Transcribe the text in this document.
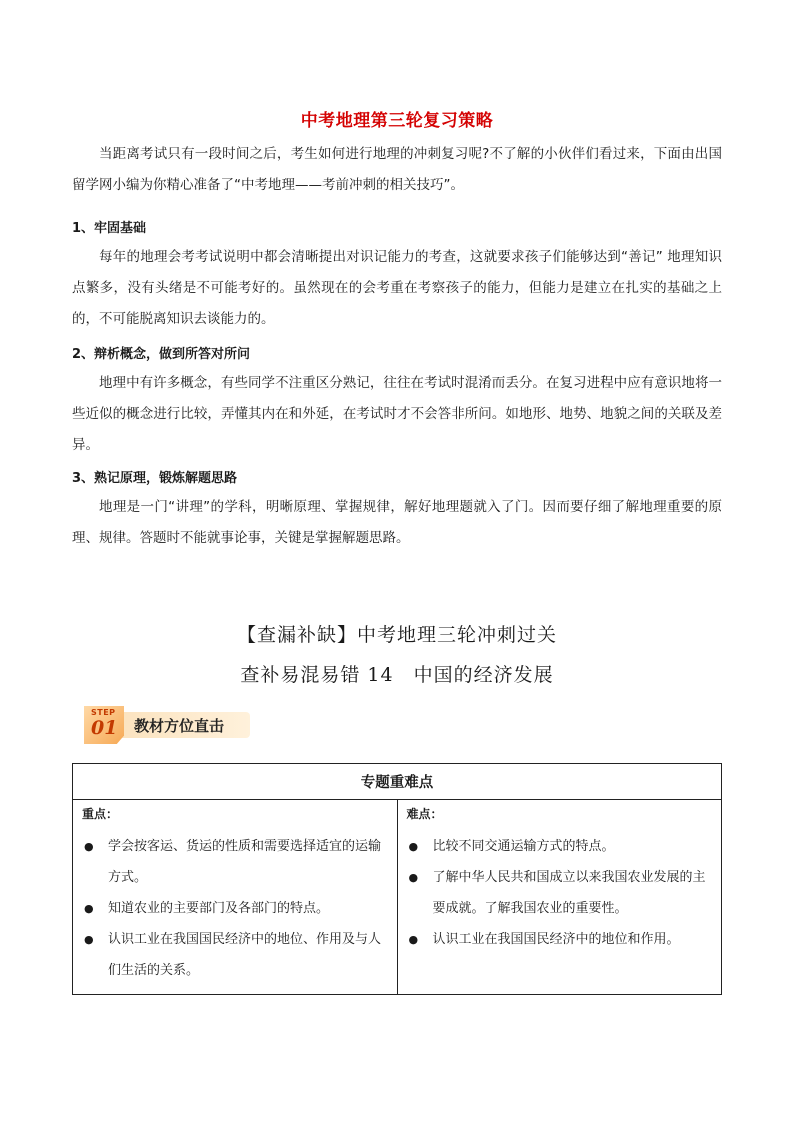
中考地理第三轮复习策略
当距离考试只有一段时间之后，考生如何进行地理的冲刺复习呢?不了解的小伙伴们看过来，下面由出国留学网小编为你精心准备了“中考地理——考前冲刺的相关技巧”。
1、牢固基础
每年的地理会考考试说明中都会清晰提出对识记能力的考查，这就要求孩子们能够达到“善记” 地理知识点繁多，没有头绪是不可能考好的。虽然现在的会考重在考察孩子的能力，但能力是建立在扎实的基础之上的，不可能脱离知识去谈能力的。
2、辩析概念，做到所答对所问
地理中有许多概念，有些同学不注重区分熟记，往往在考试时混淆而丢分。在复习进程中应有意识地将一些近似的概念进行比较，弄懂其内在和外延，在考试时才不会答非所问。如地形、地势、地貌之间的关联及差异。
3、熟记原理，锻炼解题思路
地理是一门“讲理”的学科，明晰原理、掌握规律，解好地理题就入了门。因而要仔细了解地理重要的原理、规律。答题时不能就事论事，关键是掌握解题思路。
【查漏补缺】中考地理三轮冲刺过关
查补易混易错 14　中国的经济发展
教材方位直击
STEP
01
专题重难点

重点：
● 学会按客运、货运的性质和需要选择适宜的运输方式。
● 知道农业的主要部门及各部门的特点。
● 认识工业在我国国民经济中的地位、作用及与人们生活的关系。

难点：
● 比较不同交通运输方式的特点。
● 了解中华人民共和国成立以来我国农业发展的主要成就。了解我国农业的重要性。
● 认识工业在我国国民经济中的地位和作用。
